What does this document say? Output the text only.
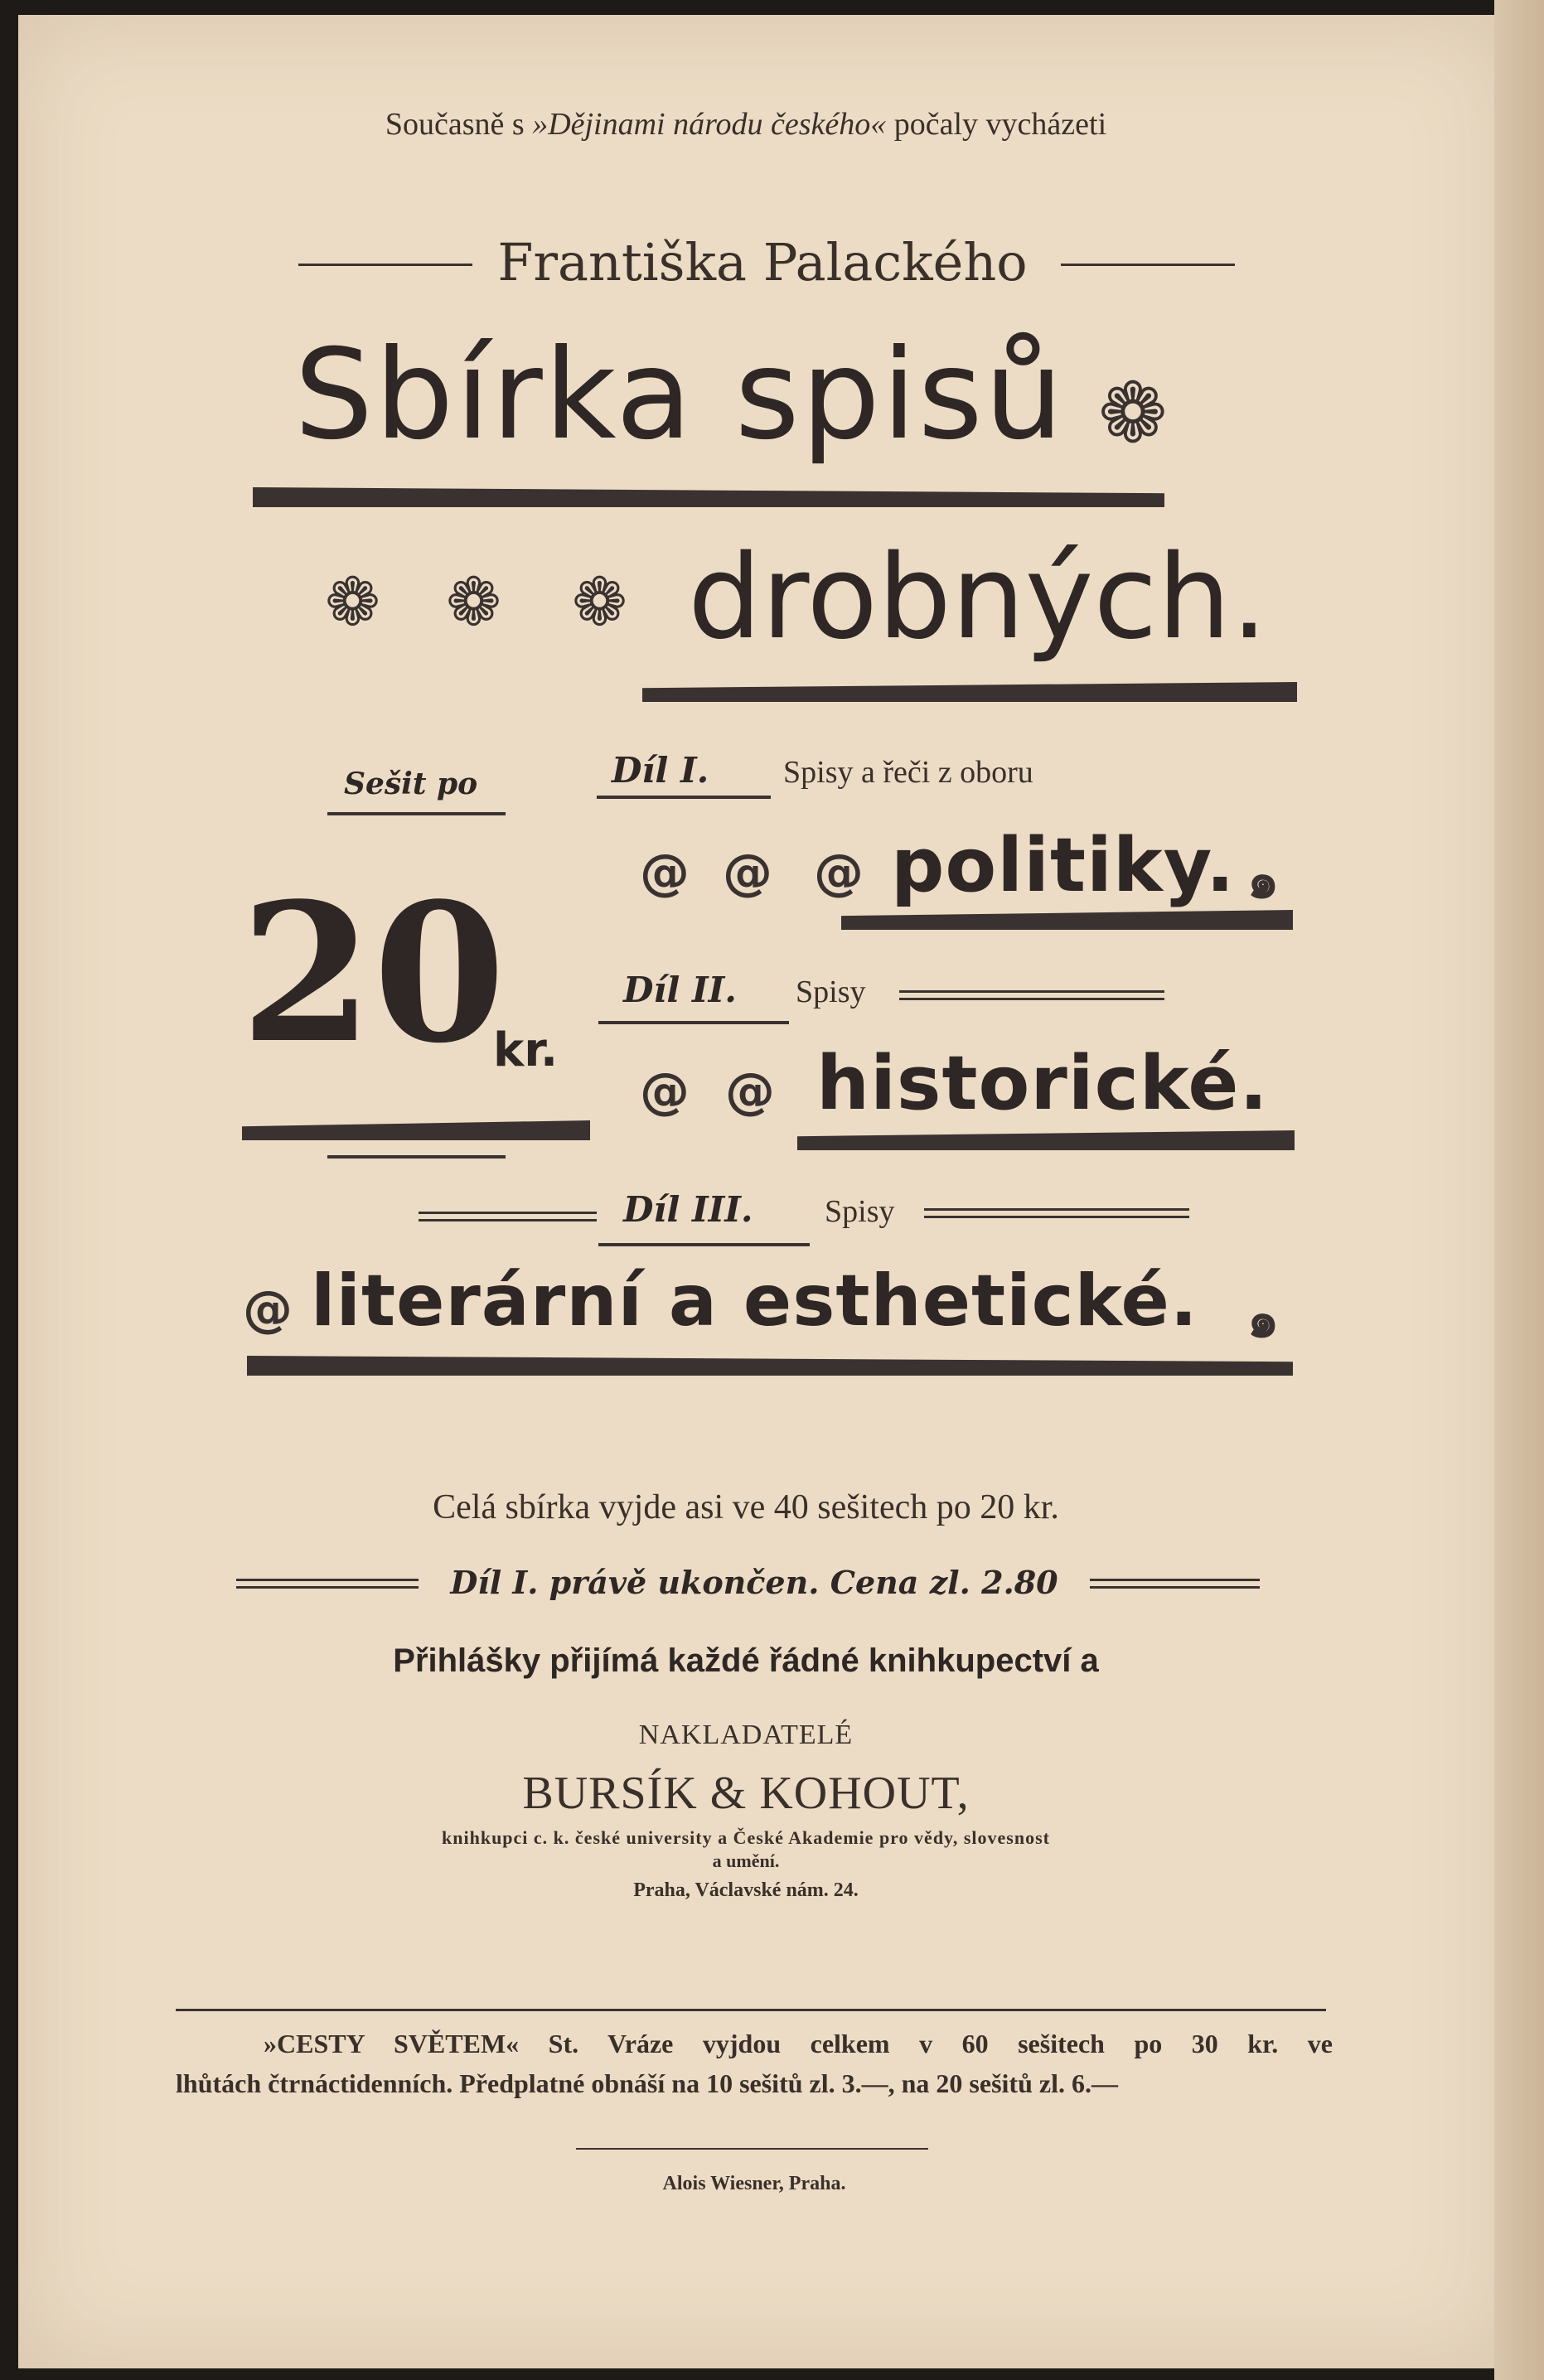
Současně s »Dějinami národu českého« počaly vycházeti
Františka Palackého
Sbírka spisů ❁
❁ ❁ ❁ drobných.
Sešit po
20
kr.
Díl I. Spisy a řeči z oboru
@ @ @ politiky. ๑
Díl II. Spisy
@ @ historické.
Díl III. Spisy
@ literární a esthetické. ๑
Celá sbírka vyjde asi ve 40 sešitech po 20 kr.
Díl I. právě ukončen. Cena zl. 2.80
Přihlášky přijímá každé řádné knihkupectví a
NAKLADATELÉ
BURSÍK & KOHOUT,
knihkupci c. k. české university a České Akademie pro vědy, slovesnost
a umění.
Praha, Václavské nám. 24.
»CESTY SVĚTEM« St. Vráze vyjdou celkem v 60 sešitech po 30 kr. ve
lhůtách čtrnáctidenních. Předplatné obnáší na 10 sešitů zl. 3.—, na 20 sešitů zl. 6.—
Alois Wiesner, Praha.
